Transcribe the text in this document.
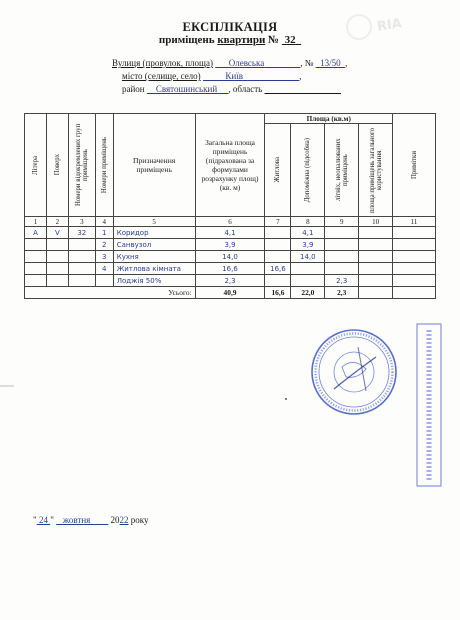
RIA
ЕКСПЛІКАЦІЯ
приміщень квартири № 32
Вулиця (провулок, площа) Олевська	, № 13/50 ,
місто (селище, село)	Київ	,
район Святошинський , область
Літера	Поверх	Номери відокремлених груп приміщень	Номери приміщень	Призначення приміщень	Загальна площа приміщень (підрахована за формулами розрахунку площ) (кв. м)	Площа (кв.м)				Примітки

						Житлова	Допоміжна (підсобна)	літніх, неопалюваних приміщень	площа приміщень загального користування	

1	2	3	4	5	6	7	8	9	10	11
А	V	32	1	Коридор	4,1		4,1			
			2	Санвузол	3,9		3,9			
			3	Кухня	14,0		14,0			
			4	Житлова кімната	16,6	16,6				
				Лоджія 50%	2,3			2,3		
Усього:					40,9	16,6	22,0	2,3		
" 24 "    жовтня 2022 року
